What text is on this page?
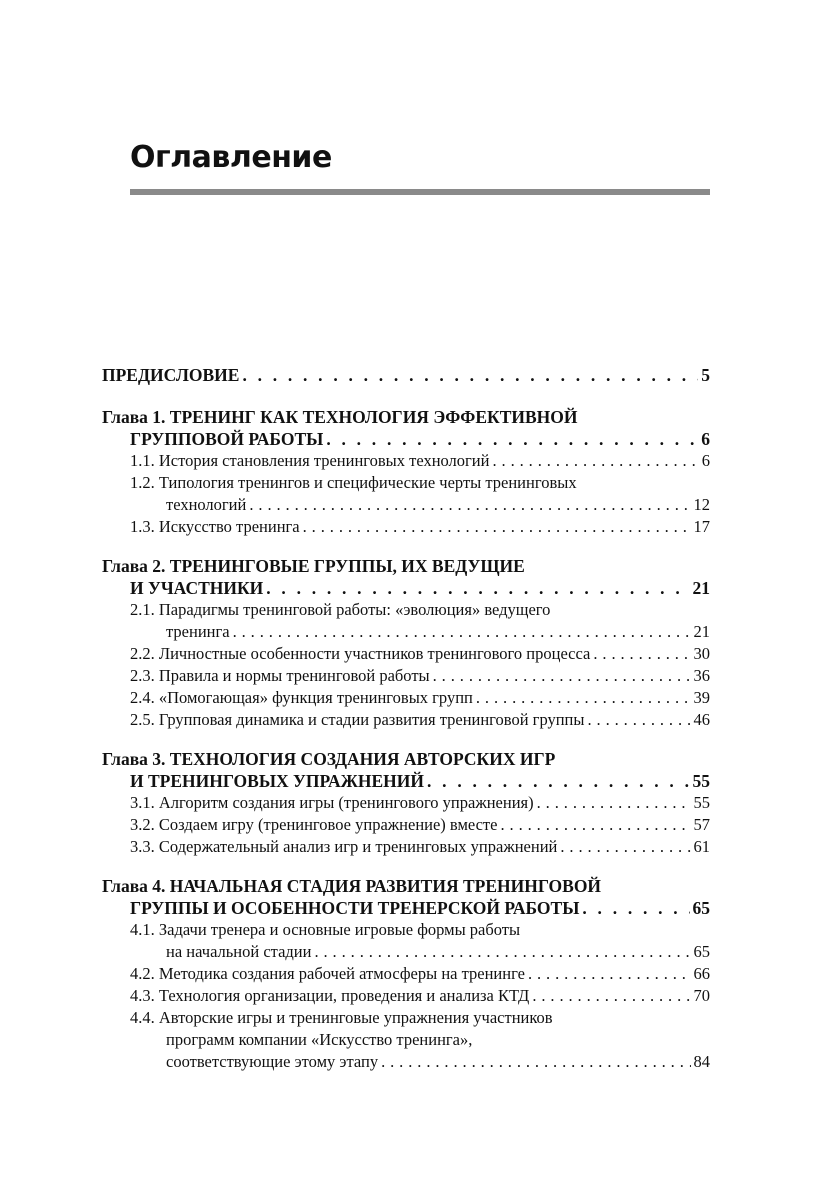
Оглавление
ПРЕДИСЛОВИЕ . . .	5
Глава 1. ТРЕНИНГ КАК ТЕХНОЛОГИЯ ЭФФЕКТИВНОЙ
ГРУППОВОЙ РАБОТЫ . . .	6
1.1. История становления тренинговых технологий . . .	6
1.2. Типология тренингов и специфические черты тренинговых
технологий . . .	12
1.3. Искусство тренинга . . .	17
Глава 2. ТРЕНИНГОВЫЕ ГРУППЫ, ИХ ВЕДУЩИЕ
И УЧАСТНИКИ . . .	21
2.1. Парадигмы тренинговой работы: «эволюция» ведущего
тренинга . . .	21
2.2. Личностные особенности участников тренингового процесса . . .	30
2.3. Правила и нормы тренинговой работы . . .	36
2.4. «Помогающая» функция тренинговых групп . . .	39
2.5. Групповая динамика и стадии развития тренинговой группы . . .	46
Глава 3. ТЕХНОЛОГИЯ СОЗДАНИЯ АВТОРСКИХ ИГР
И ТРЕНИНГОВЫХ УПРАЖНЕНИЙ . . .	55
3.1. Алгоритм создания игры (тренингового упражнения) . . .	55
3.2. Создаем игру (тренинговое упражнение) вместе . . .	57
3.3. Содержательный анализ игр и тренинговых упражнений . . .	61
Глава 4. НАЧАЛЬНАЯ СТАДИЯ РАЗВИТИЯ ТРЕНИНГОВОЙ
ГРУППЫ И ОСОБЕННОСТИ ТРЕНЕРСКОЙ РАБОТЫ . . .	65
4.1. Задачи тренера и основные игровые формы работы
на начальной стадии . . .	65
4.2. Методика создания рабочей атмосферы на тренинге . . .	66
4.3. Технология организации, проведения и анализа КТД . . .	70
4.4. Авторские игры и тренинговые упражнения участников
программ компании «Искусство тренинга»,
соответствующие этому этапу . . .	84
